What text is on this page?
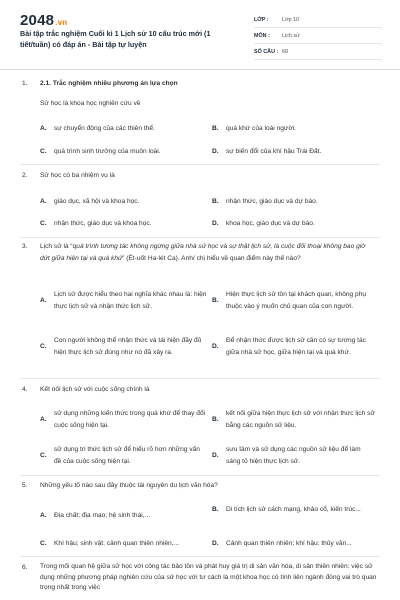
2048.vn
Bài tập trắc nghiệm Cuối kì 1 Lịch sử 10 cấu trúc mới (1 tiết/tuần) có đáp án - Bài tập tự luyện
LỚP :	Lớp 10
MÔN :	Lịch sử
SỐ CÂU : 68
1. 2.1. Trắc nghiệm nhiều phương án lựa chọn
Sử học là khoa học nghiên cứu về
A.	sự chuyển động của các thiên thể.	B.	quá khứ của loài người.
C.	quá trình sinh trưởng của muôn loài.	D.	sự biến đổi của khí hậu Trái Đất.
2. Sử học có ba nhiệm vụ là
A.	giáo dục, xã hội và khoa học.	B.	nhận thức, giáo dục và dự báo.
C.	nhận thức, giáo dục và khoa học.	D.	khoa học, giáo dục và dự báo.
3. Lịch sử là “quá trình tương tác không ngừng giữa nhà sử học và sự thật lịch sử, là cuộc đối thoại không bao giờ dứt giữa hiện tại và quá khứ” (Ét-uốt Ha-lét Ca). Anh/ chị hiểu về quan điểm này thế nào?
A.
Lịch sử được hiểu theo hai nghĩa khác nhau là: hiện thực lịch sử và nhận thức lịch sử.
B.
Hiện thực lịch sử tồn tại khách quan, không phụ thuộc vào ý muốn chủ quan của con người.
C.
Con người không thể nhận thức và tái hiện đầy đủ hiện thực lịch sử đúng như nó đã xảy ra.
D.
Để nhận thức được lịch sử cần có sự tương tác giữa nhà sử học, giữa hiện tại và quá khứ.
4. Kết nối lịch sử với cuộc sống chính là
A.
sử dụng những kiến thức trong quá khứ để thay đổi cuộc sống hiện tại.
B.
kết nối giữa hiện thực lịch sử với nhận thức lịch sử bằng các nguồn sử liệu.
C.
sử dụng tri thức lịch sử để hiểu rõ hơn những vấn đề của cuộc sống hiện tại.
D.
sưu tầm và sử dụng các nguồn sử liệu để làm sáng tỏ hiện thực lịch sử.
5. Những yếu tố nào sau đây thuộc tài nguyên du lịch văn hóa?
A.	Địa chất; địa mạo; hệ sinh thái,...
B.	Di tích lịch sử cách mạng, khảo cổ, kiến trúc...
C.	Khí hậu; sinh vật; cảnh quan thiên nhiên,...	D.	Cảnh quan thiên nhiên; khí hậu; thủy văn...
6. Trong mối quan hệ giữa sử học với công tác bảo tồn và phát huy giá trị di sản văn hóa, di sản thiên nhiên: việc sử dụng những phương pháp nghiên cứu của sử học với tư cách là một khoa học có tính liên ngành đóng vai trò quan trọng nhất trong việc
